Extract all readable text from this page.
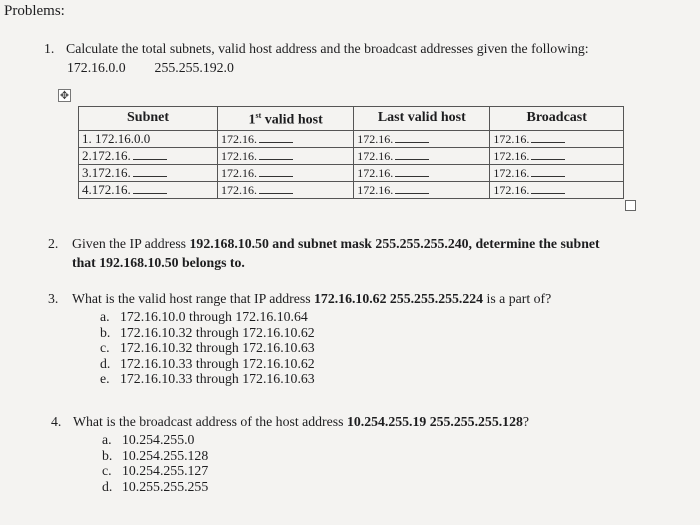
Problems:
1. Calculate the total subnets, valid host address and the broadcast addresses given the following:
172.16.0.0 255.255.192.0
✥
Subnet	1st valid host	Last valid host	Broadcast
1. 172.16.0.0	172.16.	172.16.	172.16.
2.172.16.	172.16.	172.16.	172.16.
3.172.16.	172.16.	172.16.	172.16.
4.172.16.	172.16.	172.16.	172.16.
2. Given the IP address 192.168.10.50 and subnet mask 255.255.255.240, determine the subnet
that 192.168.10.50 belongs to.
3. What is the valid host range that IP address 172.16.10.62 255.255.255.224 is a part of?
a. 172.16.10.0 through 172.16.10.64
b. 172.16.10.32 through 172.16.10.62
c. 172.16.10.32 through 172.16.10.63
d. 172.16.10.33 through 172.16.10.62
e. 172.16.10.33 through 172.16.10.63
4. What is the broadcast address of the host address 10.254.255.19 255.255.255.128?
a. 10.254.255.0
b. 10.254.255.128
c. 10.254.255.127
d. 10.255.255.255
